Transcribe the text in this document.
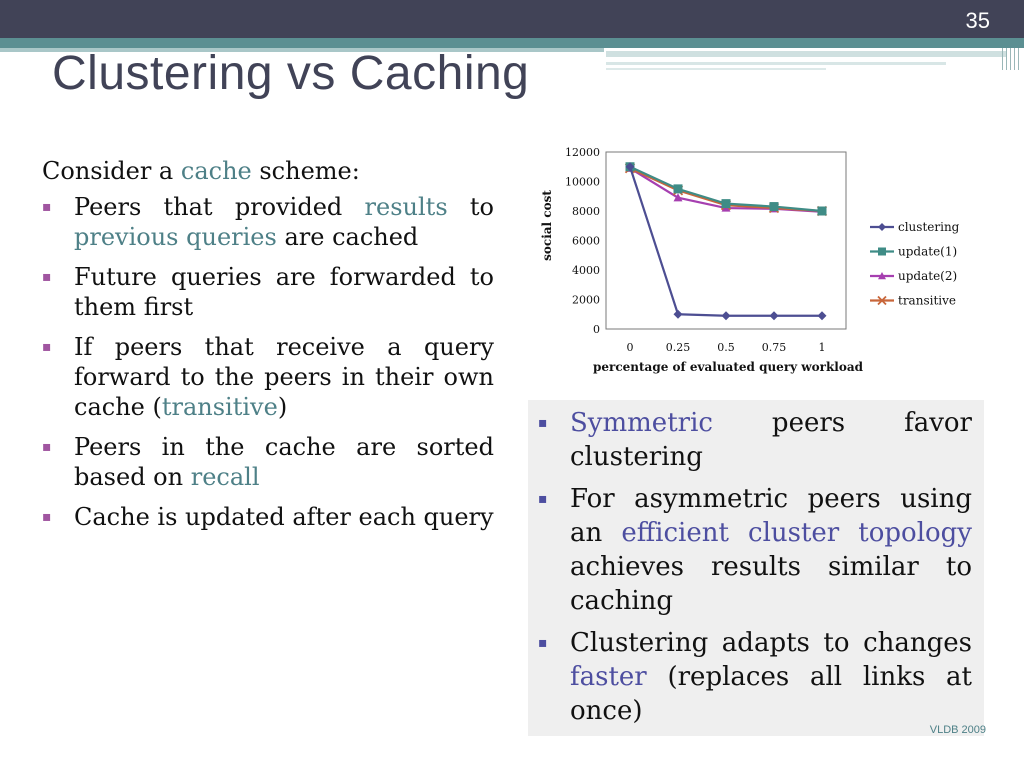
35
Clustering vs Caching

Consider a cache scheme:

▪ Peers that provided results to previous queries are cached
▪ Future queries are forwarded to them first
▪ If peers that receive a query forward to the peers in their own cache (transitive)
▪ Peers in the cache are sorted based on recall
▪ Cache is updated after each query
0
2000
4000
6000
8000
10000
12000
0	0.25 0.5 0.75	1
percentage of evaluated query workload
social cost	clustering
update(1)
update(2)
transitive
▪ Symmetric peers favor clustering
▪ For asymmetric peers using an efficient cluster topology achieves results similar to caching
▪ Clustering adapts to changes faster (replaces all links at once)
VLDB 2009
